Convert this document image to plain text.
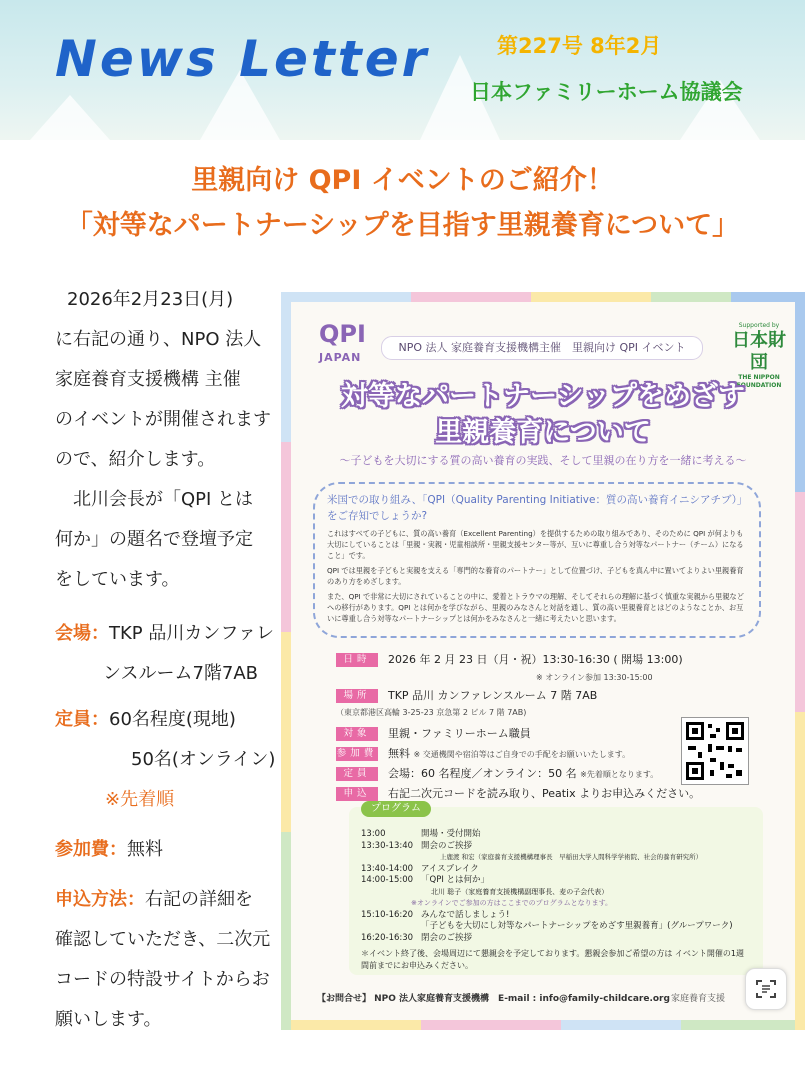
News Letter	第227号 8年2月
日本ファミリーホーム協議会
里親向け QPI イベントのご紹介！
「対等なパートナーシップを目指す里親養育について」

2026年2月23日(月)

に右記の通り、NPO 法人

家庭養育支援機構 主催

のイベントが開催されます

ので、紹介します。

　北川会長が「QPI とは

何か」の題名で登壇予定

をしています。

会場：TKP 品川カンファレ

ンスルーム7階7AB

定員：60名程度(現地)

50名(オンライン)

※先着順

参加費：無料

申込方法：右記の詳細を

確認していただき、二次元

コードの特設サイトからお

願いします。

QPI
JAPAN
NPO 法人 家庭養育支援機構主催　里親向け QPI イベント
Supported by
日本財団
THE NIPPON FOUNDATION
対等なパートナーシップをめざす
里親養育について
〜子どもを大切にする質の高い養育の実践、そして里親の在り方を一緒に考える〜
米国での取り組み、「QPI（Quality Parenting Initiative：質の高い養育イニシアチブ）」をご存知でしょうか?
これはすべての子どもに、質の高い養育（Excellent Parenting）を提供するための取り組みであり、そのために QPI が何よりも大切にしていることは「里親・実親・児童相談所・里親支援センター等が、互いに尊重し合う対等なパートナー（チーム）になること」です。
QPI では里親を子どもと実親を支える「専門的な養育のパートナー」として位置づけ、子どもを真ん中に置いてよりよい里親養育のあり方をめざします。
また、QPI で非常に大切にされていることの中に、愛着とトラウマの理解、そしてそれらの理解に基づく慎重な実親から里親などへの移行があります。QPI とは何かを学びながら、里親のみなさんと対話を通し、質の高い里親養育とはどのようなことか、お互いに尊重し合う対等なパートナーシップとは何かをみなさんと一緒に考えたいと思います。
日時 2026 年 2 月 23 日（月・祝）13:30-16:30 ( 開場 13:00)
※ オンライン参加 13:30-15:00
場所 TKP 品川 カンファレンスルーム 7 階 7AB
（東京都港区高輪 3-25-23 京急第 2 ビル 7 階 7AB)
対象 里親・ファミリーホーム職員
参加費 無料 ※ 交通機関や宿泊等はご自身での手配をお願いいたします。
定員 会場：60 名程度／オンライン：50 名 ※先着順となります。
申込 右記二次元コードを読み取り、Peatix よりお申込みください。
プログラム
13:00	開場・受付開始
13:30-13:40 開会のご挨拶
上鹿渡 和宏（家庭養育支援機構理事長　早稲田大学人間科学学術院、社会的養育研究所）
13:40-14:00 アイスブレイク
14:00-15:00 「QPI とは何か」
北川 聡子（家庭養育支援機構副理事長、麦の子会代表）
※オンラインでご参加の方はここまでのプログラムとなります。
15:10-16:20 みんなで話しましょう!
「子どもを大切にし対等なパートナーシップをめざす里親養育」(グループワーク)
16:20-16:30 閉会のご挨拶
＊イベント終了後、会場周辺にて懇親会を予定しております。懇親会参加ご希望の方は イベント開催の1週間前までにお申込みください。
【お問合せ】 NPO 法人家庭養育支援機構　E-mail : info@family-childcare.org 家庭養育支援
